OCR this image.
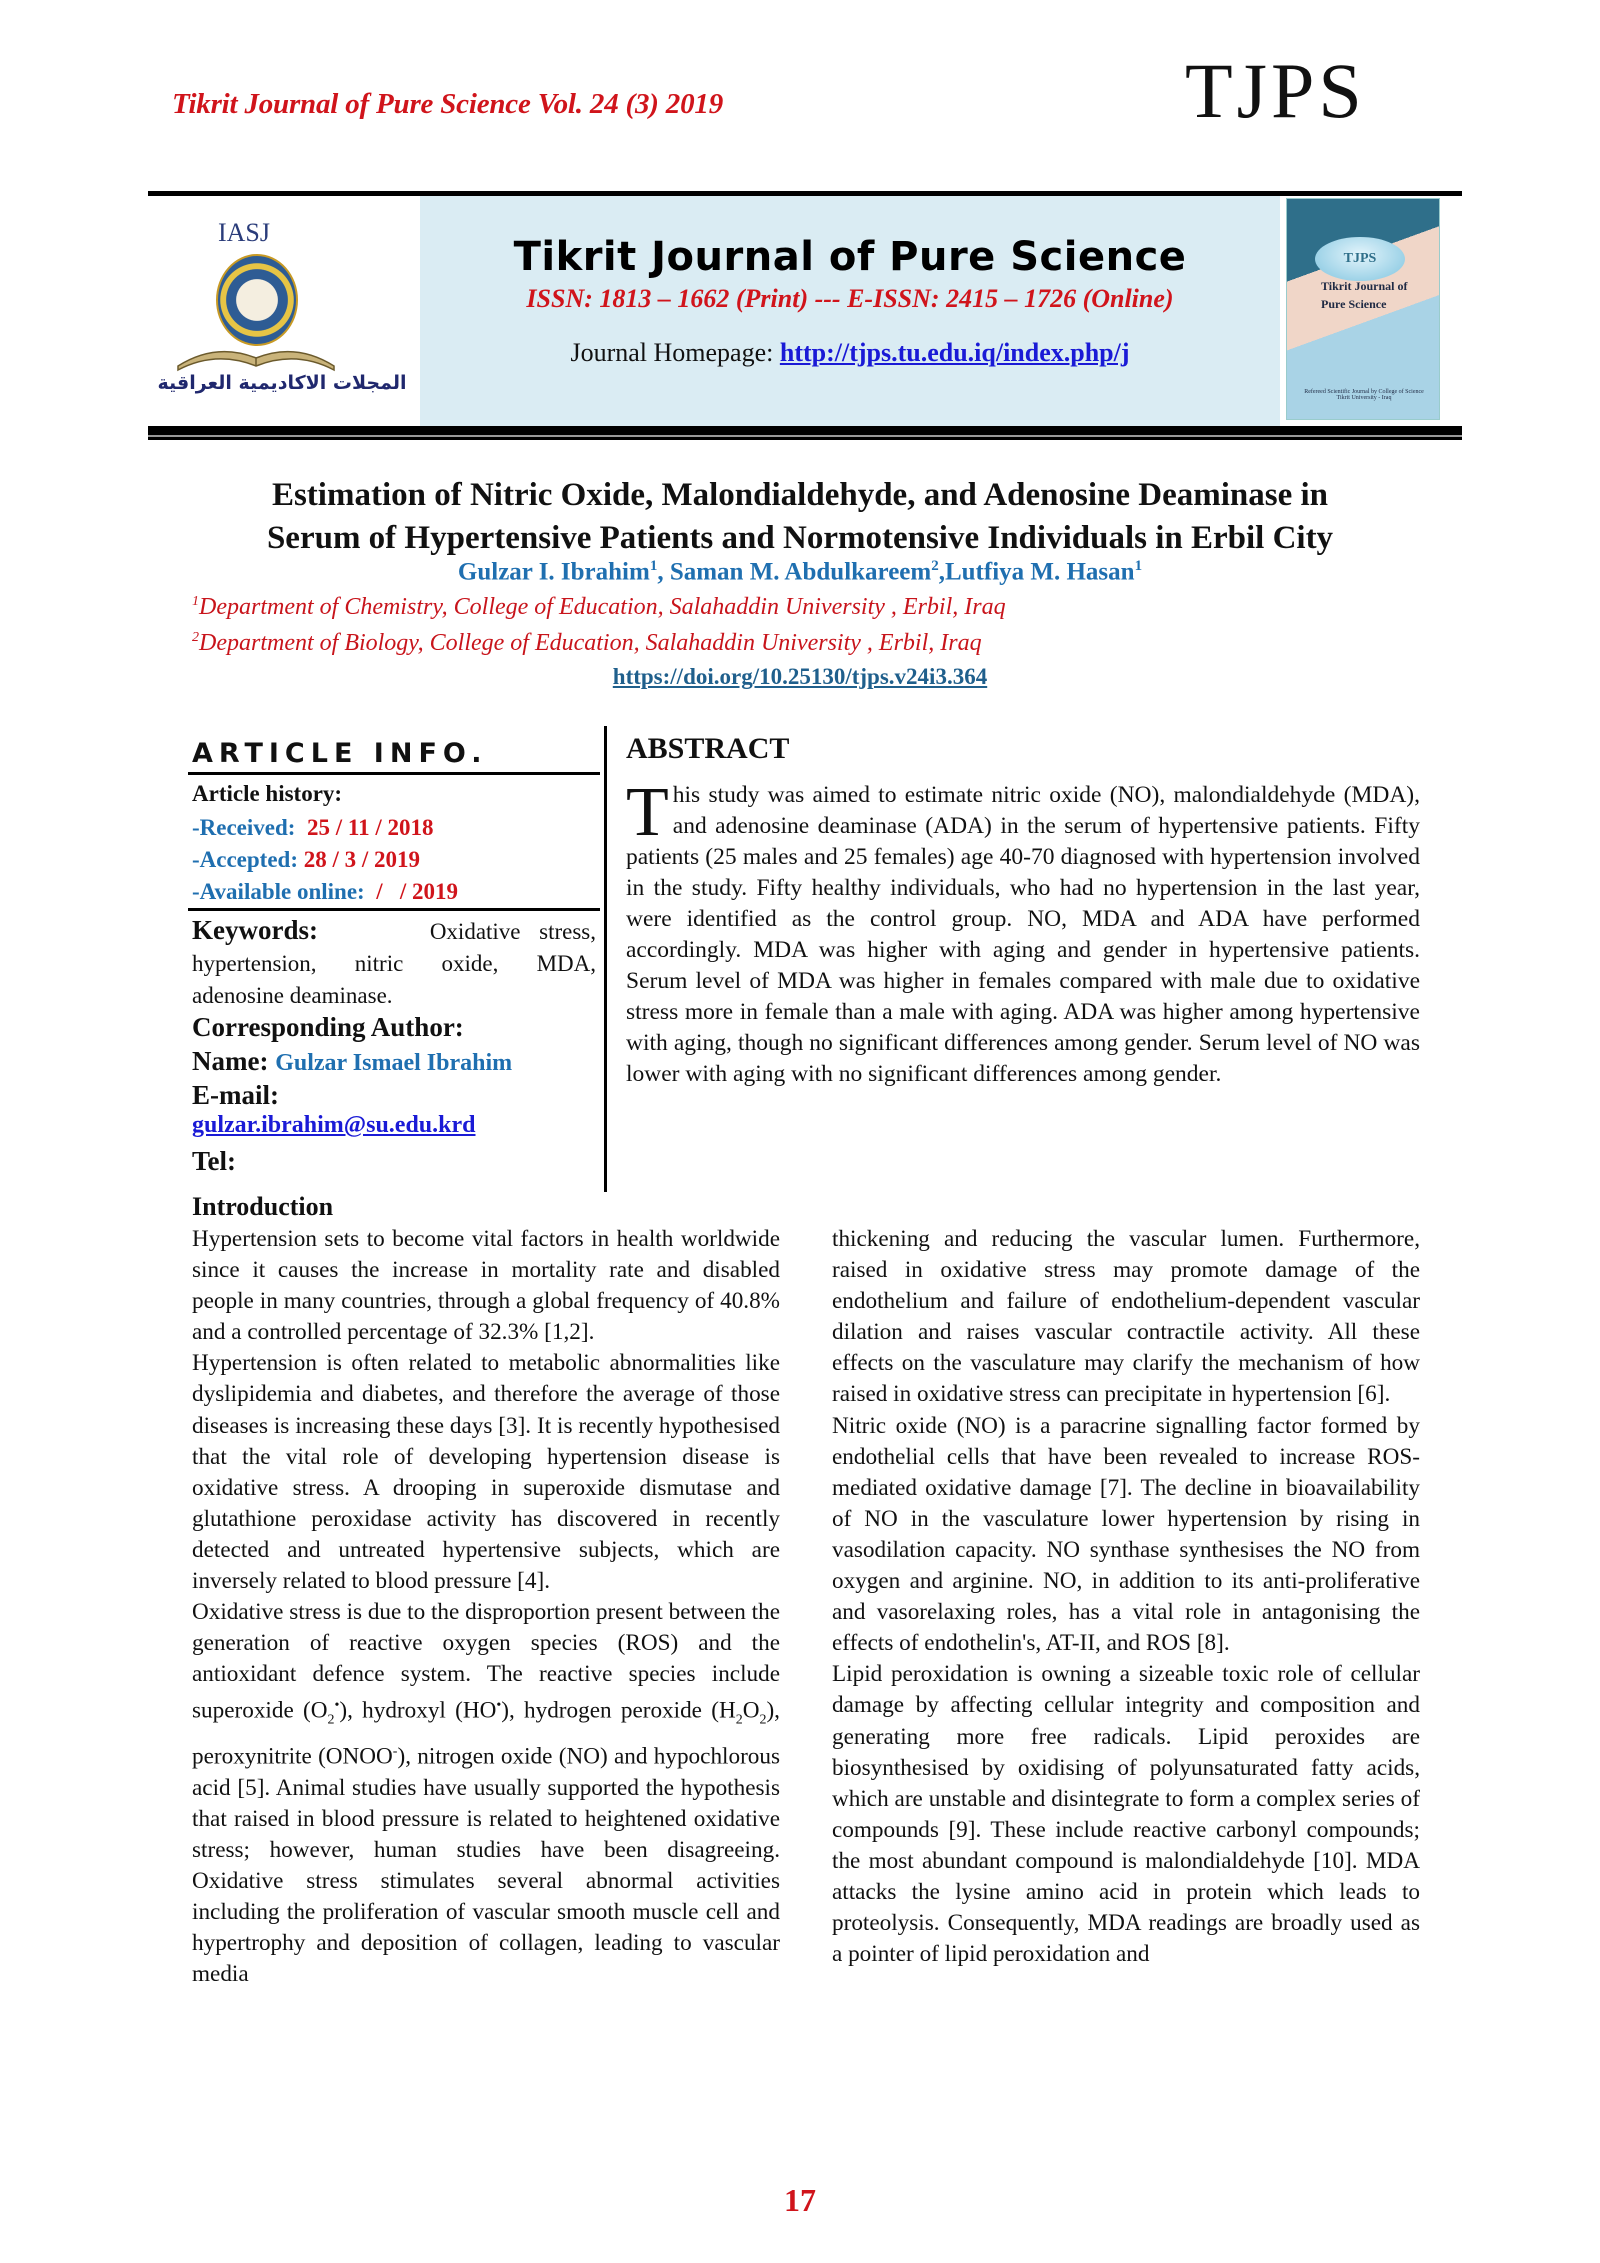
Tikrit Journal of Pure Science Vol. 24 (3) 2019	TJPS
IASJ
المجلات الاكاديمية العراقية
Tikrit Journal of Pure Science
ISSN: 1813 – 1662 (Print) --- E-ISSN: 2415 – 1726 (Online)
Journal Homepage: http://tjps.tu.edu.iq/index.php/j
TJPS
Tikrit Journal of Pure Science
Refereed Scientific Journal by College of Science Tikrit University - Iraq
Estimation of Nitric Oxide, Malondialdehyde, and Adenosine Deaminase in
Serum of Hypertensive Patients and Normotensive Individuals in Erbil City
Gulzar I. Ibrahim$^1$, Saman M. Abdulkareem$^2$,Lutfiya M. Hasan$^1$
$^1$Department of Chemistry, College of Education, Salahaddin University , Erbil, Iraq
$^2$Department of Biology, College of Education, Salahaddin University , Erbil, Iraq
https://doi.org/10.25130/tjps.v24i3.364
ARTICLE INFO.
Article history:
-Received: 25 / 11 / 2018
-Accepted: 28 / 3 / 2019
-Available online: /   / 2019
Keywords:	Oxidative stress, hypertension, nitric oxide, MDA, adenosine deaminase.
Corresponding Author:
Name: Gulzar Ismael Ibrahim
E-mail:
gulzar.ibrahim@su.edu.krd
Tel:
ABSTRACT
T his study was aimed to estimate nitric oxide (NO), malondialdehyde (MDA), and adenosine deaminase (ADA) in the serum of hypertensive patients. Fifty patients (25 males and 25 females) age 40-70 diagnosed with hypertension involved in the study. Fifty healthy individuals, who had no hypertension in the last year, were identified as the control group. NO, MDA and ADA have performed accordingly. MDA was higher with aging and gender in hypertensive patients. Serum level of MDA was higher in females compared with male due to oxidative stress more in female than a male with aging. ADA was higher among hypertensive with aging, though no significant differences among gender. Serum level of NO was lower with aging with no significant differences among gender.

Introduction

Hypertension sets to become vital factors in health worldwide since it causes the increase in mortality rate and disabled people in many countries, through a global frequency of 40.8% and a controlled percentage of 32.3% [1,2].

Hypertension is often related to metabolic abnormalities like dyslipidemia and diabetes, and therefore the average of those diseases is increasing these days [3]. It is recently hypothesised that the vital role of developing hypertension disease is oxidative stress. A drooping in superoxide dismutase and glutathione peroxidase activity has discovered in recently detected and untreated hypertensive subjects, which are inversely related to blood pressure [4].

Oxidative stress is due to the disproportion present between the generation of reactive oxygen species (ROS) and the antioxidant defence system. The reactive species include superoxide $(O_2^•)$, hydroxyl (HO•), hydrogen peroxide $(H_2O_2)$, peroxynitrite (ONOO-), nitrogen oxide (NO) and hypochlorous acid [5]. Animal studies have usually supported the hypothesis that raised in blood pressure is related to heightened oxidative stress; however, human studies have been disagreeing. Oxidative stress stimulates several abnormal activities including the proliferation of vascular smooth muscle cell and hypertrophy and deposition of collagen, leading to vascular media

thickening and reducing the vascular lumen. Furthermore, raised in oxidative stress may promote damage of the endothelium and failure of endothelium-dependent vascular dilation and raises vascular contractile activity. All these effects on the vasculature may clarify the mechanism of how raised in oxidative stress can precipitate in hypertension [6].

Nitric oxide (NO) is a paracrine signalling factor formed by endothelial cells that have been revealed to increase ROS-mediated oxidative damage [7]. The decline in bioavailability of NO in the vasculature lower hypertension by rising in vasodilation capacity. NO synthase synthesises the NO from oxygen and arginine. NO, in addition to its anti-proliferative and vasorelaxing roles, has a vital role in antagonising the effects of endothelin's, AT-II, and ROS [8].

Lipid peroxidation is owning a sizeable toxic role of cellular damage by affecting cellular integrity and composition and generating more free radicals. Lipid peroxides are biosynthesised by oxidising of polyunsaturated fatty acids, which are unstable and disintegrate to form a complex series of compounds [9]. These include reactive carbonyl compounds; the most abundant compound is malondialdehyde [10]. MDA attacks the lysine amino acid in protein which leads to proteolysis. Consequently, MDA readings are broadly used as a pointer of lipid peroxidation and

17
